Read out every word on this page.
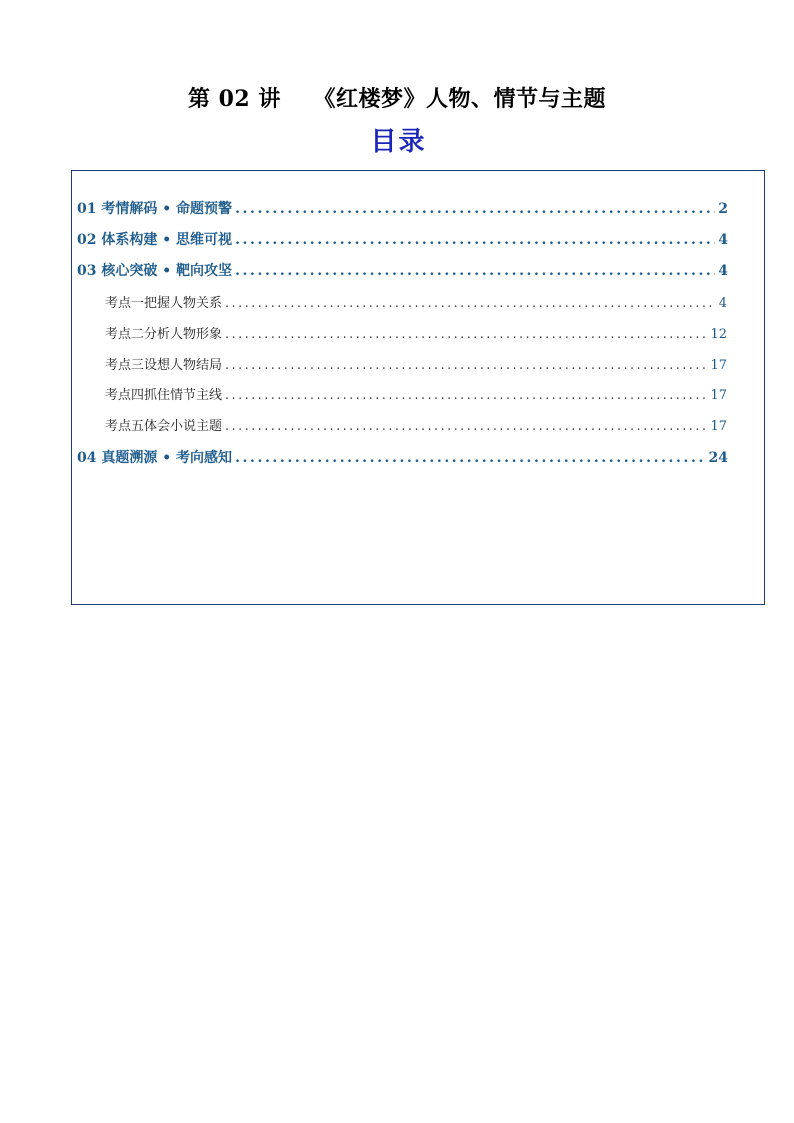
第 02 讲    《红楼梦》人物、情节与主题
目录
01 考情解码 • 命题预警 .....	2
02 体系构建 • 思维可视 .....	4
03 核心突破 • 靶向攻坚 .....	4
考点一把握人物关系 .....	4
考点二分析人物形象 .....	12
考点三设想人物结局 .....	17
考点四抓住情节主线 .....	17
考点五体会小说主题 .....	17
04 真题溯源 • 考向感知 .....	24
